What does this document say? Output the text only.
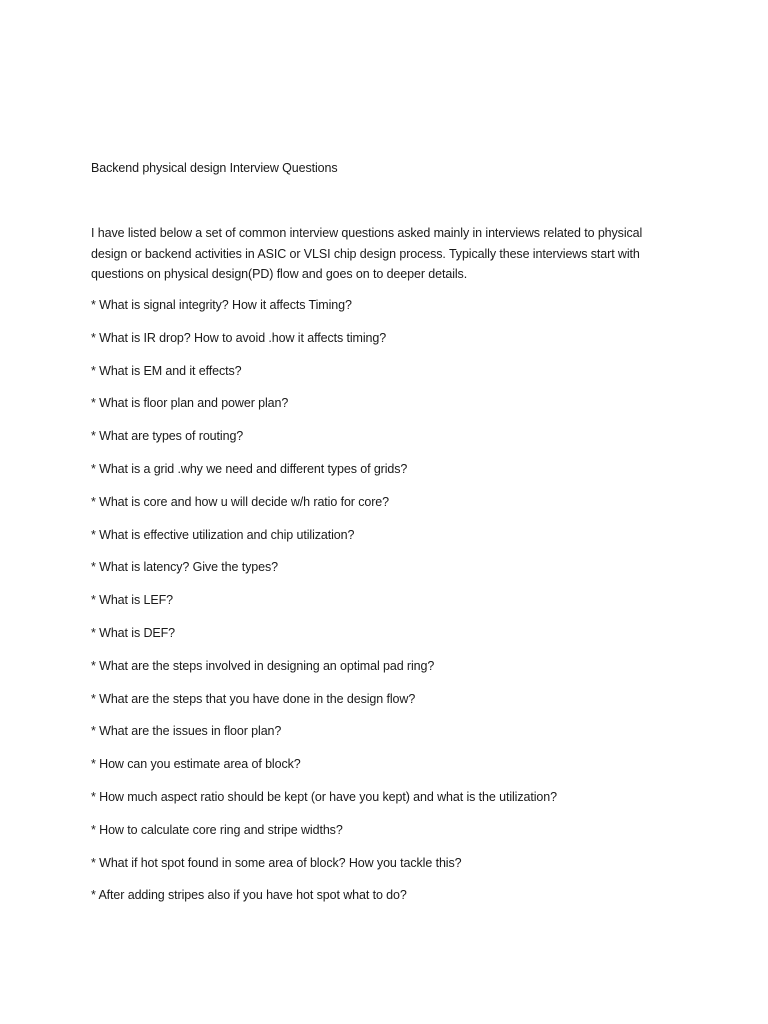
Backend physical design Interview Questions
I have listed below a set of common interview questions asked mainly in interviews related to physical design or backend activities in ASIC or VLSI chip design process. Typically these interviews start with questions on physical design(PD) flow and goes on to deeper details.
* What is signal integrity? How it affects Timing?
* What is IR drop? How to avoid .how it affects timing?
* What is EM and it effects?
* What is floor plan and power plan?
* What are types of routing?
* What is a grid .why we need and different types of grids?
* What is core and how u will decide w/h ratio for core?
* What is effective utilization and chip utilization?
* What is latency? Give the types?
* What is LEF?
* What is DEF?
* What are the steps involved in designing an optimal pad ring?
* What are the steps that you have done in the design flow?
* What are the issues in floor plan?
* How can you estimate area of block?
* How much aspect ratio should be kept (or have you kept) and what is the utilization?
* How to calculate core ring and stripe widths?
* What if hot spot found in some area of block? How you tackle this?
* After adding stripes also if you have hot spot what to do?
